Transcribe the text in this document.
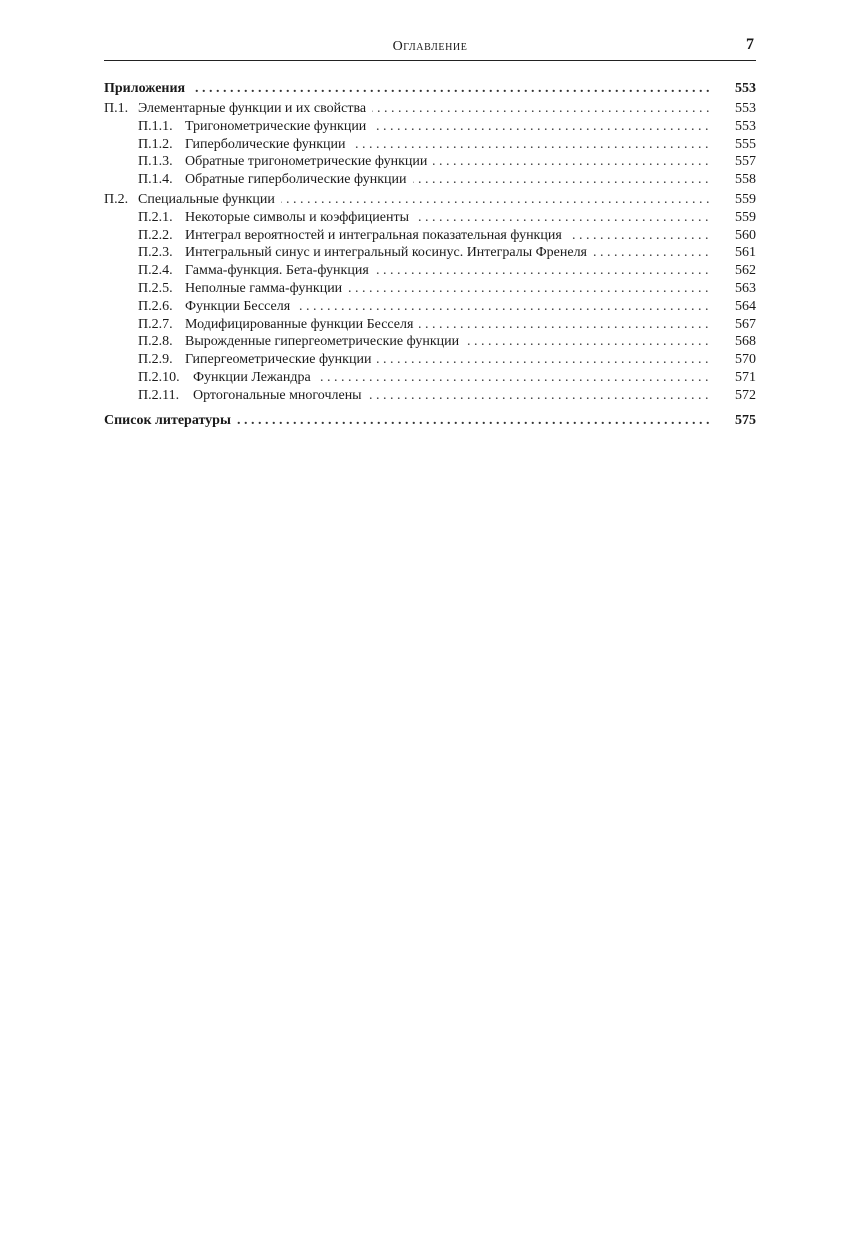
Оглавление	7
. . .
Приложения	553
. . .
П.1. Элементарные функции и их свойства	553
. . .
П.1.1. Тригонометрические функции	553
. . .
П.1.2. Гиперболические функции	555
. . .
П.1.3. Обратные тригонометрические функции	557
. . .
П.1.4. Обратные гиперболические функции	558
. . .
П.2. Специальные функции	559
. . .
П.2.1. Некоторые символы и коэффициенты	559
. . .
П.2.2. Интеграл вероятностей и интегральная показательная функция	560
. . .
П.2.3. Интегральный синус и интегральный косинус. Интегралы Френеля	561
. . .
П.2.4. Гамма-функция. Бета-функция	562
. . .
П.2.5. Неполные гамма-функции	563
. . .
П.2.6. Функции Бесселя	564
. . .
П.2.7. Модифицированные функции Бесселя	567
. . .
П.2.8. Вырожденные гипергеометрические функции	568
. . .
П.2.9. Гипергеометрические функции	570
. . .
П.2.10. Функции Лежандра	571
. . .
П.2.11. Ортогональные многочлены	572
. . .
Список литературы	575
